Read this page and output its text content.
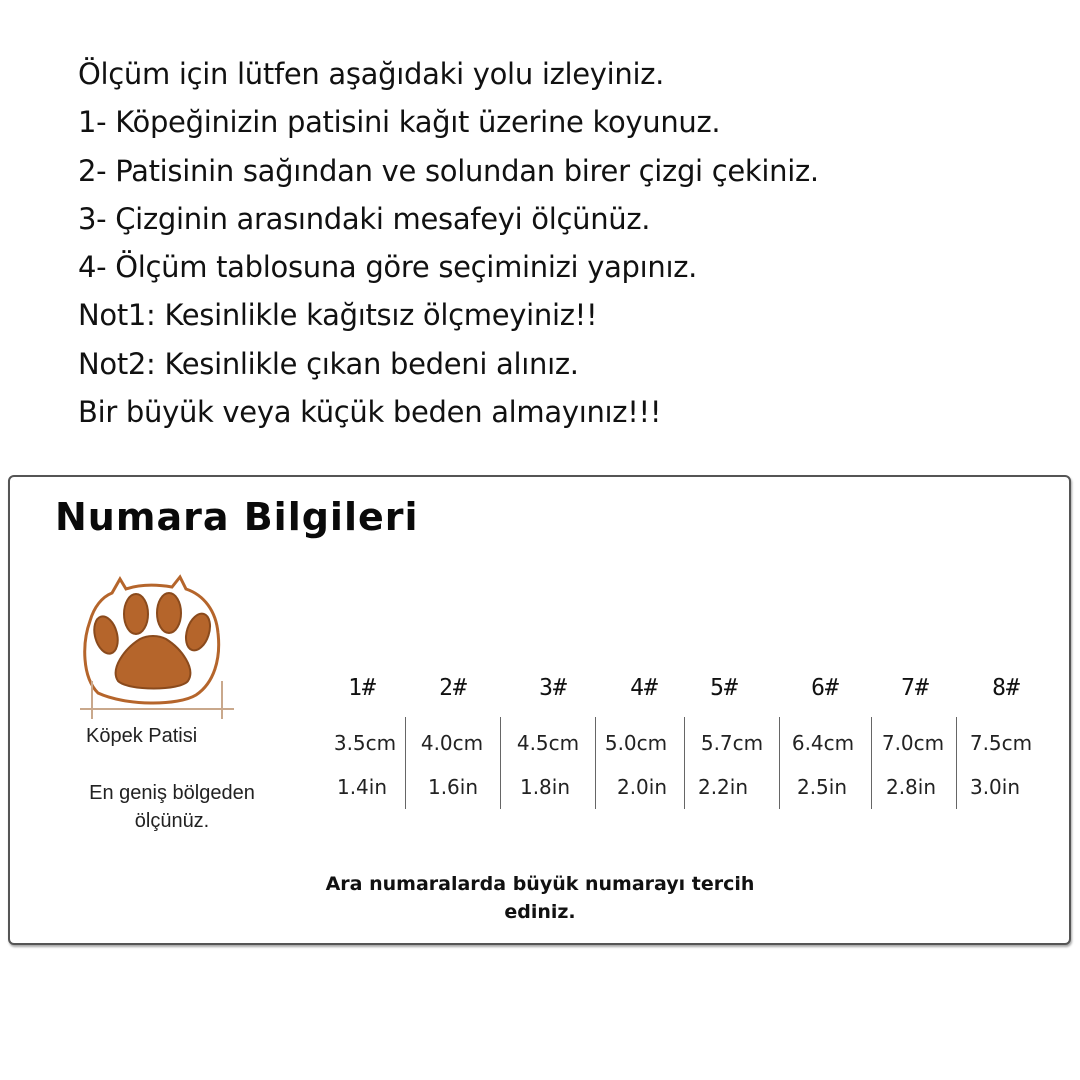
Ölçüm için lütfen aşağıdaki yolu izleyiniz.
1- Köpeğinizin patisini kağıt üzerine koyunuz.
2- Patisinin sağından ve solundan birer çizgi çekiniz.
3- Çizginin arasındaki mesafeyi ölçünüz.
4- Ölçüm tablosuna göre seçiminizi yapınız.
Not1: Kesinlikle kağıtsız ölçmeyiniz!!
Not2: Kesinlikle çıkan bedeni alınız.
Bir büyük veya küçük beden almayınız!!!
Numara Bilgileri
Köpek Patisi
En geniş bölgeden
ölçünüz.
1#
3.5cm
1.4in
2#
4.0cm
1.6in
3#
4.5cm
1.8in
4#
5.0cm
2.0in
5#
5.7cm
2.2in
6#
6.4cm
2.5in
7#
7.0cm
2.8in
8#
7.5cm
3.0in
Ara numaralarda büyük numarayı tercih
ediniz.
